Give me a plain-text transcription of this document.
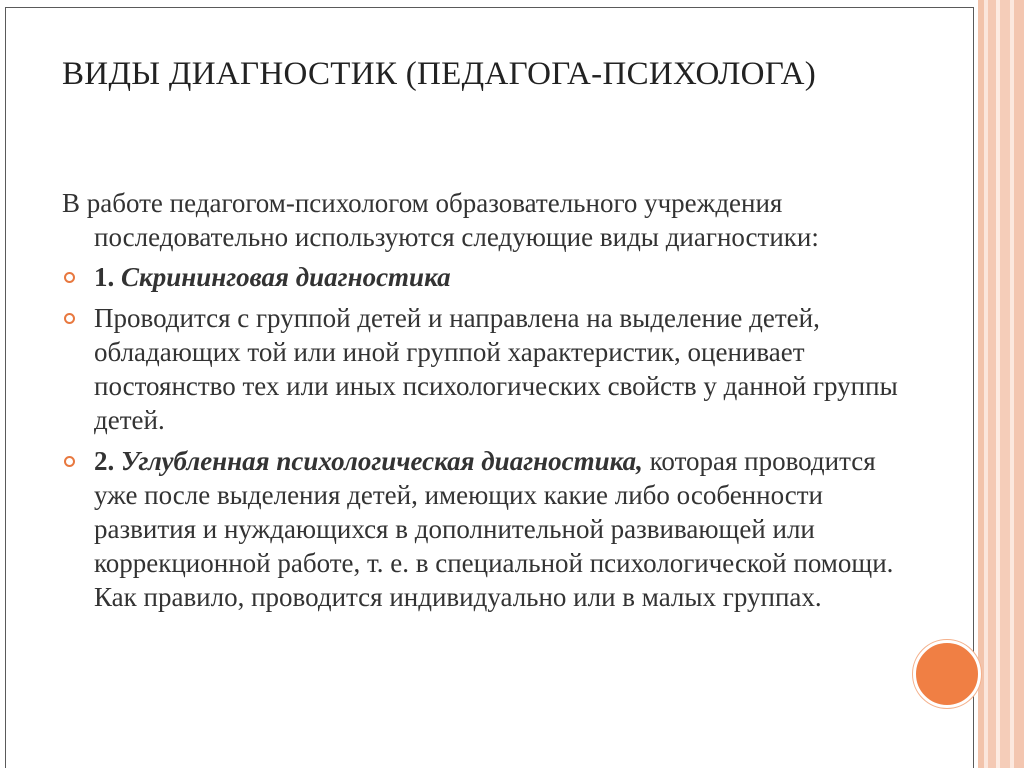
ВИДЫ ДИАГНОСТИК (ПЕДАГОГА-ПСИХОЛОГА)

В работе педагогом-психологом образовательного учреждения последовательно используются следующие виды диагностики:

1. Скрининговая диагностика
Проводится с группой детей и направлена на выделение детей, обладающих той или иной группой характеристик, оценивает постоянство тех или иных психологических свойств у данной группы детей.
2. Углубленная психологическая диагностика, которая проводится уже после выделения детей, имеющих какие либо особенности развития и нуждающихся в дополнительной развивающей или коррекционной работе, т. е. в специальной психологической помощи. Как правило, проводится индивидуально или в малых группах.
